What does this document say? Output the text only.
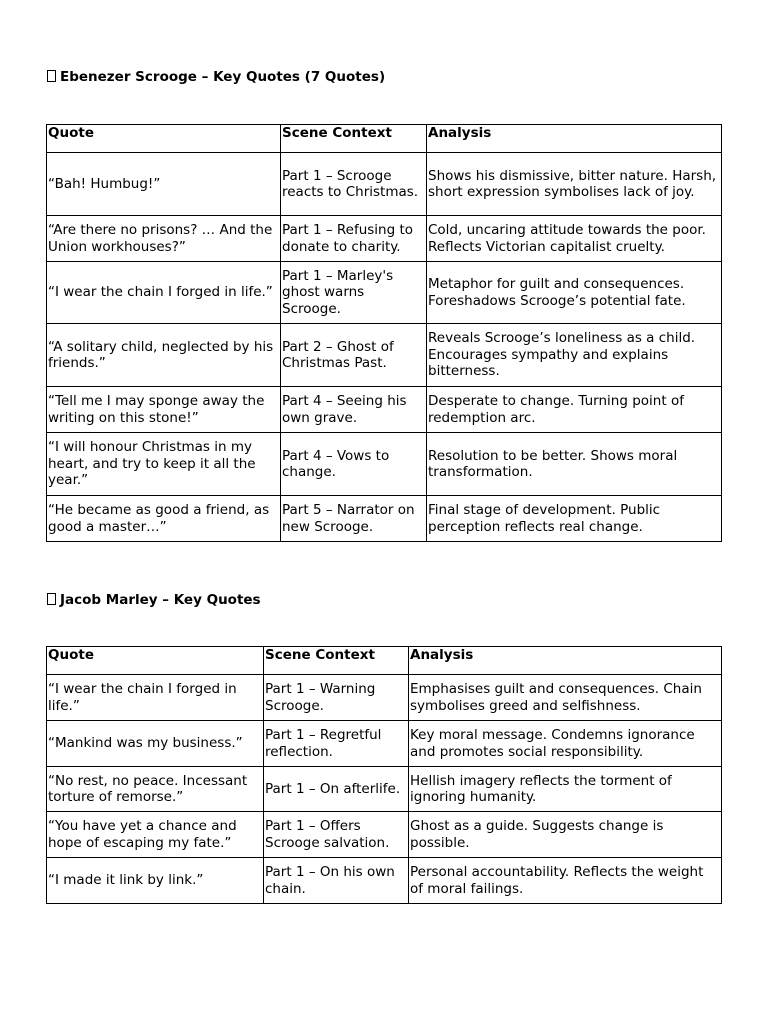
Ebenezer Scrooge – Key Quotes (7 Quotes)
Quote	Scene Context	Analysis
“Bah! Humbug!”	Part 1 – Scrooge reacts to Christmas.	Shows his dismissive, bitter nature. Harsh, short expression symbolises lack of joy.
“Are there no prisons? … And the Union workhouses?”	Part 1 – Refusing to donate to charity.	Cold, uncaring attitude towards the poor. Reflects Victorian capitalist cruelty.
“I wear the chain I forged in life.”	Part 1 – Marley's ghost warns Scrooge.	Metaphor for guilt and consequences. Foreshadows Scrooge’s potential fate.
“A solitary child, neglected by his friends.”	Part 2 – Ghost of Christmas Past.	Reveals Scrooge’s loneliness as a child. Encourages sympathy and explains bitterness.
“Tell me I may sponge away the writing on this stone!”	Part 4 – Seeing his own grave.	Desperate to change. Turning point of redemption arc.
“I will honour Christmas in my heart, and try to keep it all the year.”	Part 4 – Vows to change.	Resolution to be better. Shows moral transformation.
“He became as good a friend, as good a master…”	Part 5 – Narrator on new Scrooge.	Final stage of development. Public perception reflects real change.
Jacob Marley – Key Quotes
Quote	Scene Context	Analysis
“I wear the chain I forged in life.”	Part 1 – Warning Scrooge.	Emphasises guilt and consequences. Chain symbolises greed and selfishness.
“Mankind was my business.”	Part 1 – Regretful reflection.	Key moral message. Condemns ignorance and promotes social responsibility.
“No rest, no peace. Incessant torture of remorse.”	Part 1 – On afterlife.	Hellish imagery reflects the torment of ignoring humanity.
“You have yet a chance and hope of escaping my fate.”	Part 1 – Offers Scrooge salvation.	Ghost as a guide. Suggests change is possible.
“I made it link by link.”	Part 1 – On his own chain.	Personal accountability. Reflects the weight of moral failings.
